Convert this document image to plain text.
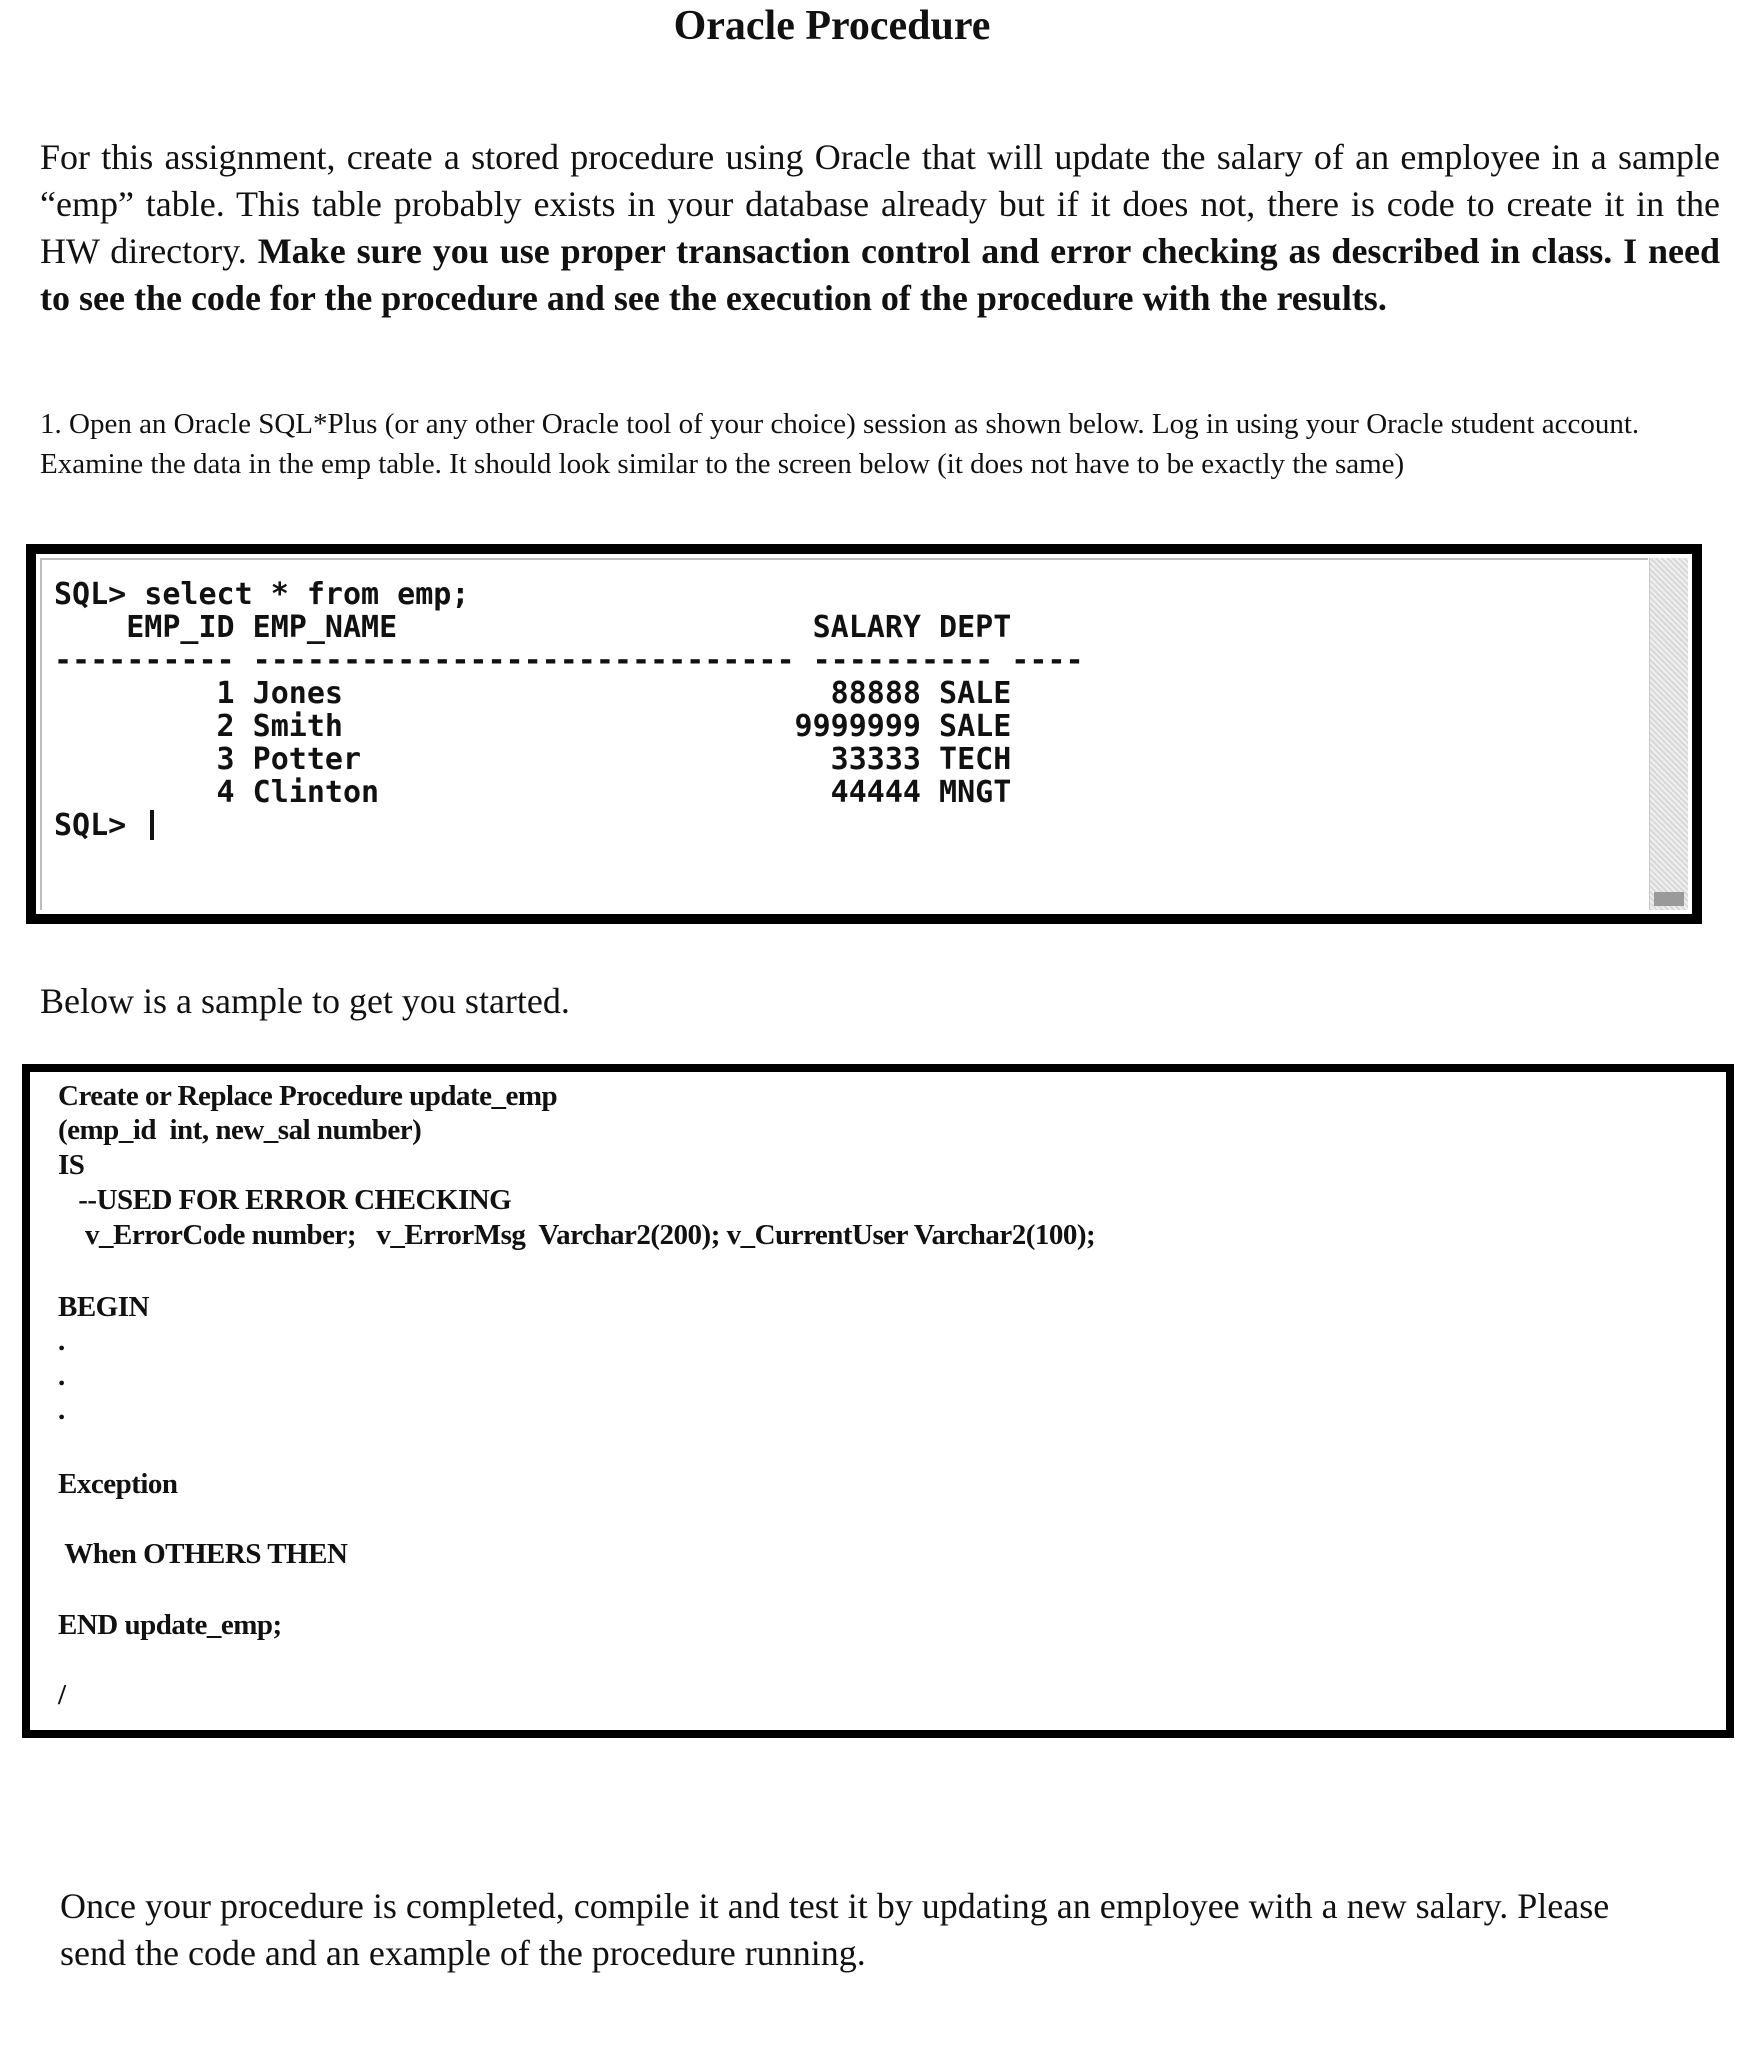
Oracle Procedure

For this assignment, create a stored procedure using Oracle that will update the salary of an employee in a sample “emp” table. This table probably exists in your database already but if it does not, there is code to create it in the HW directory. Make sure you use proper transaction control and error checking as described in class. I need to see the code for the procedure and see the execution of the procedure with the results.

1. Open an Oracle SQL*Plus (or any other Oracle tool of your choice) session as shown below. Log in using your Oracle student account. Examine the data in the emp table. It should look similar to the screen below (it does not have to be exactly the same)

SQL> select * from emp;
EMP_ID EMP_NAME                       SALARY DEPT
---------- ------------------------------ ---------- ----
1 Jones                           88888 SALE
2 Smith                         9999999 SALE
3 Potter                          33333 TECH
4 Clinton                         44444 MNGT
SQL>

Below is a sample to get you started.

Create or Replace Procedure update_emp
(emp_id  int, new_sal number)
IS
--USED FOR ERROR CHECKING
v_ErrorCode number;   v_ErrorMsg  Varchar2(200); v_CurrentUser Varchar2(100);
BEGIN
.
.
.
Exception
When OTHERS THEN
END update_emp;
/

Once your procedure is completed, compile it and test it by updating an employee with a new salary. Please send the code and an example of the procedure running.
